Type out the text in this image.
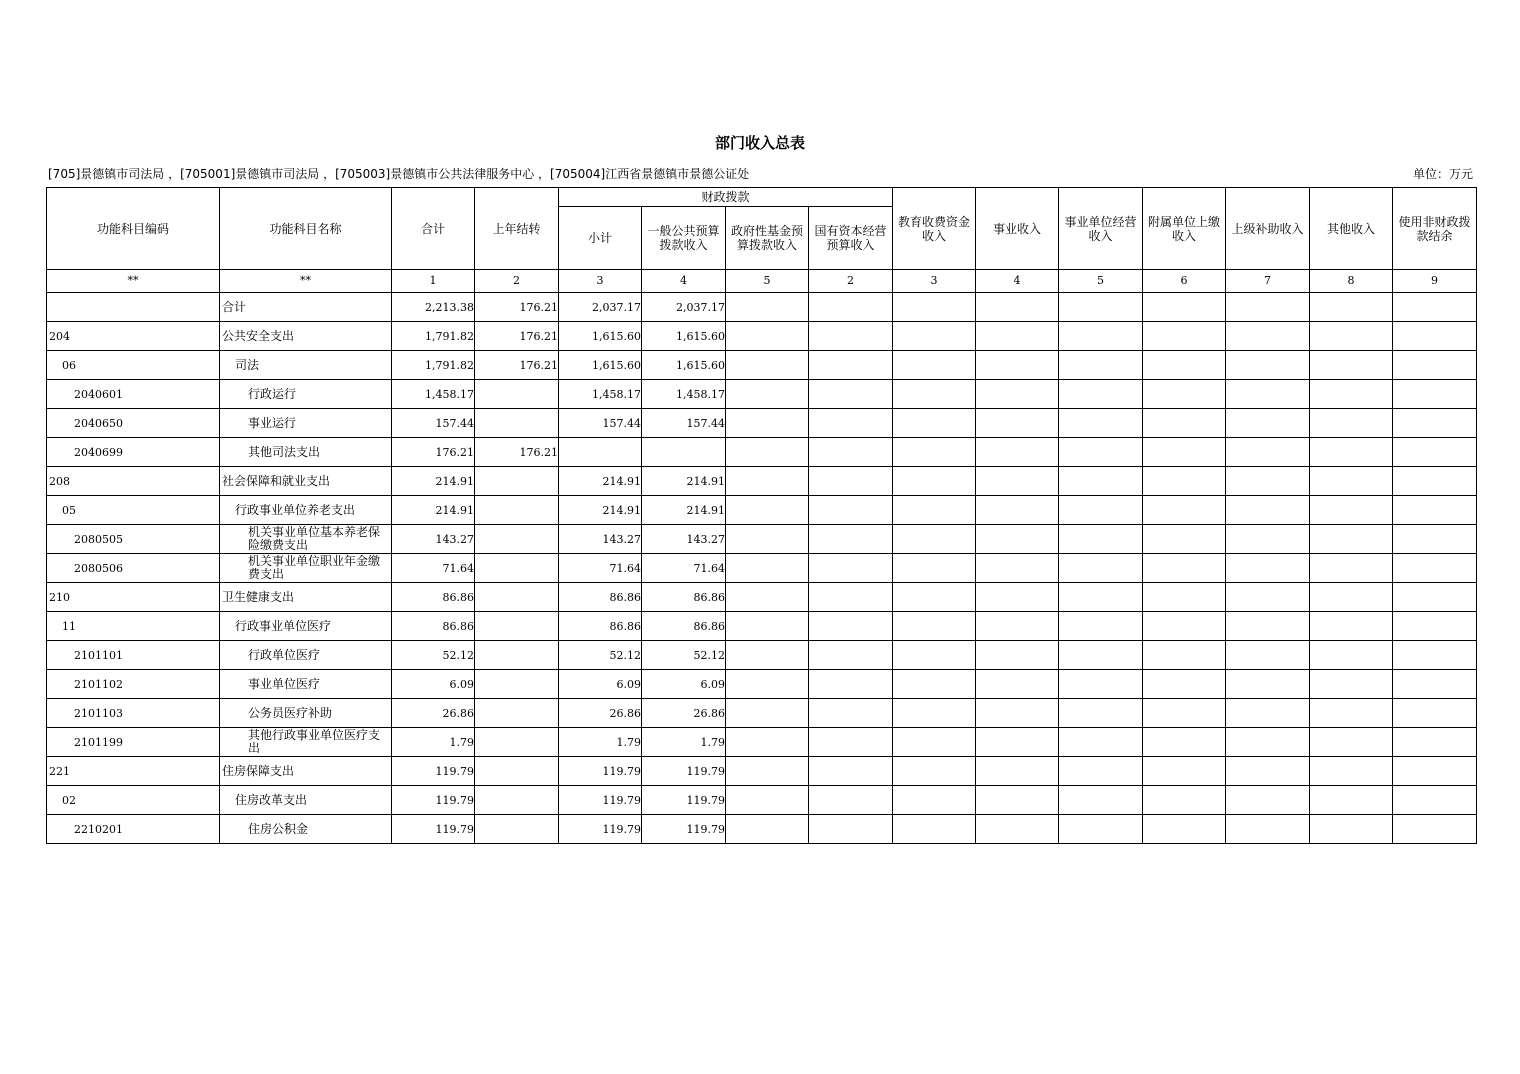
部门收入总表
[705]景德镇市司法局 ，[705001]景德镇市司法局 ，[705003]景德镇市公共法律服务中心 ，[705004]江西省景德镇市景德公证处	单位：万元
功能科目编码	功能科目名称	合计	上年结转	财政拨款				教育收费资金收入	事业收入	事业单位经营收入	附属单位上缴收入	上级补助收入	其他收入	使用非财政拨款结余
				小计	一般公共预算拨款收入	政府性基金预算拨款收入	国有资本经营预算收入							
**	**	1	2	3	4	5	2	3	4	5	6	7	8	9
	合计	2,213.38	176.21	2,037.17	2,037.17									
204	公共安全支出	1,791.82	176.21	1,615.60	1,615.60									
06	司法	1,791.82	176.21	1,615.60	1,615.60									
2040601	行政运行	1,458.17		1,458.17	1,458.17									
2040650	事业运行	157.44		157.44	157.44									
2040699	其他司法支出	176.21	176.21											
208	社会保障和就业支出	214.91		214.91	214.91									
05	行政事业单位养老支出	214.91		214.91	214.91									
2080505	机关事业单位基本养老保险缴费支出	143.27		143.27	143.27									
2080506	机关事业单位职业年金缴费支出	71.64		71.64	71.64									
210	卫生健康支出	86.86		86.86	86.86									
11	行政事业单位医疗	86.86		86.86	86.86									
2101101	行政单位医疗	52.12		52.12	52.12									
2101102	事业单位医疗	6.09		6.09	6.09									
2101103	公务员医疗补助	26.86		26.86	26.86									
2101199	其他行政事业单位医疗支出	1.79		1.79	1.79									
221	住房保障支出	119.79		119.79	119.79									
02	住房改革支出	119.79		119.79	119.79									
2210201	住房公积金	119.79		119.79	119.79									
